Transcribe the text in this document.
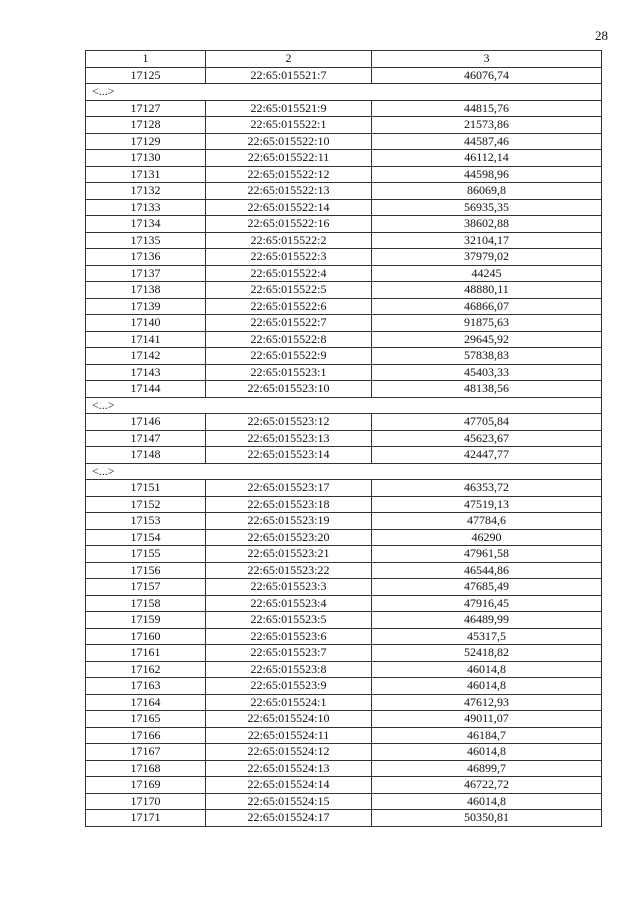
28
1	2	3
17125	22:65:015521:7	46076,74
<...>		
17127	22:65:015521:9	44815,76
17128	22:65:015522:1	21573,86
17129	22:65:015522:10	44587,46
17130	22:65:015522:11	46112,14
17131	22:65:015522:12	44598,96
17132	22:65:015522:13	86069,8
17133	22:65:015522:14	56935,35
17134	22:65:015522:16	38602,88
17135	22:65:015522:2	32104,17
17136	22:65:015522:3	37979,02
17137	22:65:015522:4	44245
17138	22:65:015522:5	48880,11
17139	22:65:015522:6	46866,07
17140	22:65:015522:7	91875,63
17141	22:65:015522:8	29645,92
17142	22:65:015522:9	57838,83
17143	22:65:015523:1	45403,33
17144	22:65:015523:10	48138,56
<...>		
17146	22:65:015523:12	47705,84
17147	22:65:015523:13	45623,67
17148	22:65:015523:14	42447,77
<...>		
17151	22:65:015523:17	46353,72
17152	22:65:015523:18	47519,13
17153	22:65:015523:19	47784,6
17154	22:65:015523:20	46290
17155	22:65:015523:21	47961,58
17156	22:65:015523:22	46544,86
17157	22:65:015523:3	47685,49
17158	22:65:015523:4	47916,45
17159	22:65:015523:5	46489,99
17160	22:65:015523:6	45317,5
17161	22:65:015523:7	52418,82
17162	22:65:015523:8	46014,8
17163	22:65:015523:9	46014,8
17164	22:65:015524:1	47612,93
17165	22:65:015524:10	49011,07
17166	22:65:015524:11	46184,7
17167	22:65:015524:12	46014,8
17168	22:65:015524:13	46899,7
17169	22:65:015524:14	46722,72
17170	22:65:015524:15	46014,8
17171	22:65:015524:17	50350,81
